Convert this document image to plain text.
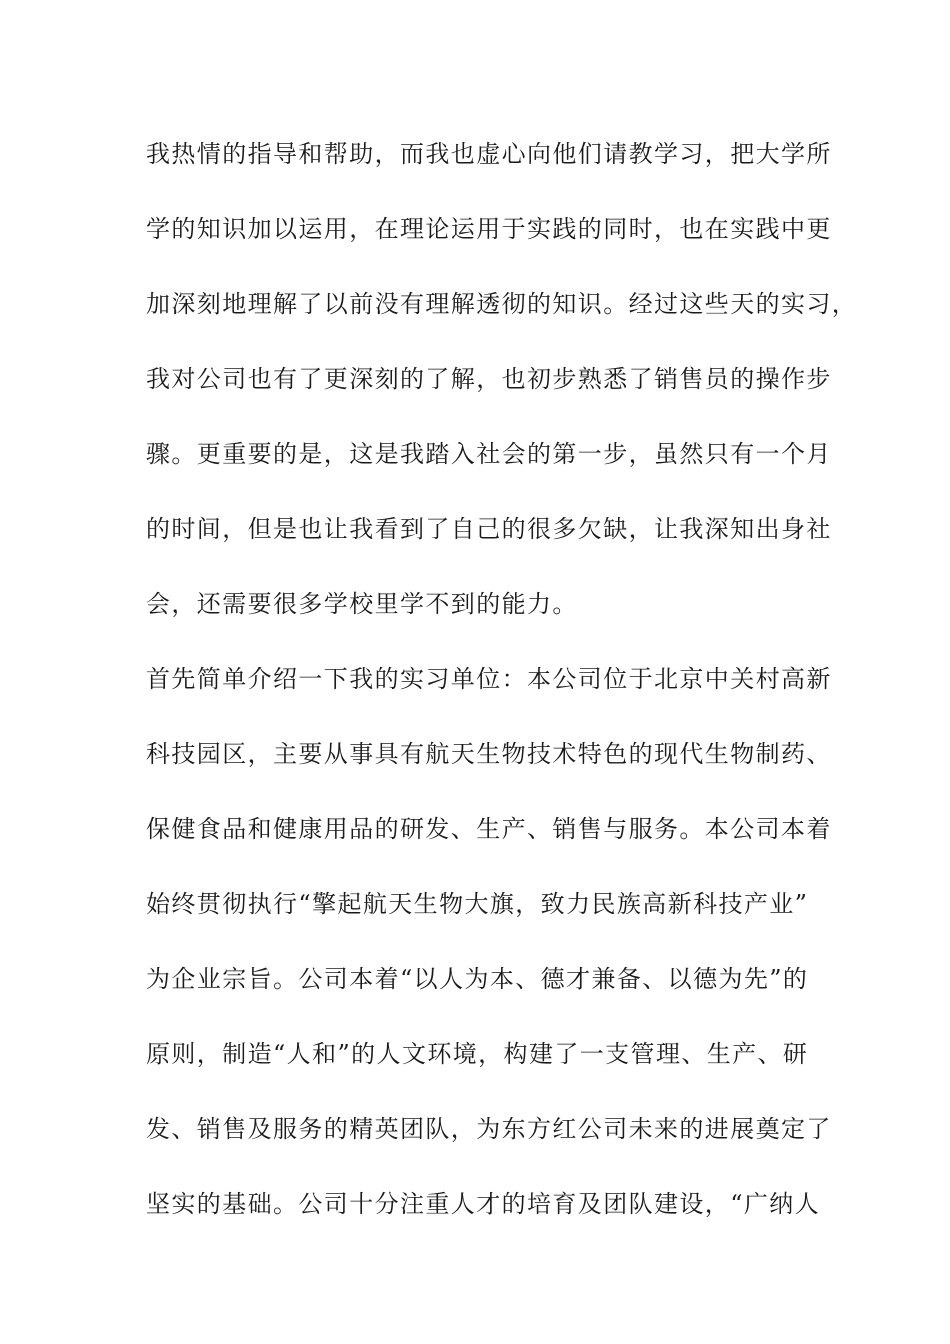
我热情的指导和帮助，而我也虚心向他们请教学习，把大学所
学的知识加以运用，在理论运用于实践的同时，也在实践中更
加深刻地理解了以前没有理解透彻的知识。经过这些天的实习，
我对公司也有了更深刻的了解，也初步熟悉了销售员的操作步
骤。更重要的是，这是我踏入社会的第一步，虽然只有一个月
的时间，但是也让我看到了自己的很多欠缺，让我深知出身社
会，还需要很多学校里学不到的能力。
首先简单介绍一下我的实习单位：本公司位于北京中关村高新
科技园区，主要从事具有航天生物技术特色的现代生物制药、
保健食品和健康用品的研发、生产、销售与服务。本公司本着
始终贯彻执行“擎起航天生物大旗，致力民族高新科技产业”
为企业宗旨。公司本着“以人为本、德才兼备、以德为先”的
原则，制造“人和”的人文环境，构建了一支管理、生产、研
发、销售及服务的精英团队，为东方红公司未来的进展奠定了
坚实的基础。公司十分注重人才的培育及团队建设，“广纳人
